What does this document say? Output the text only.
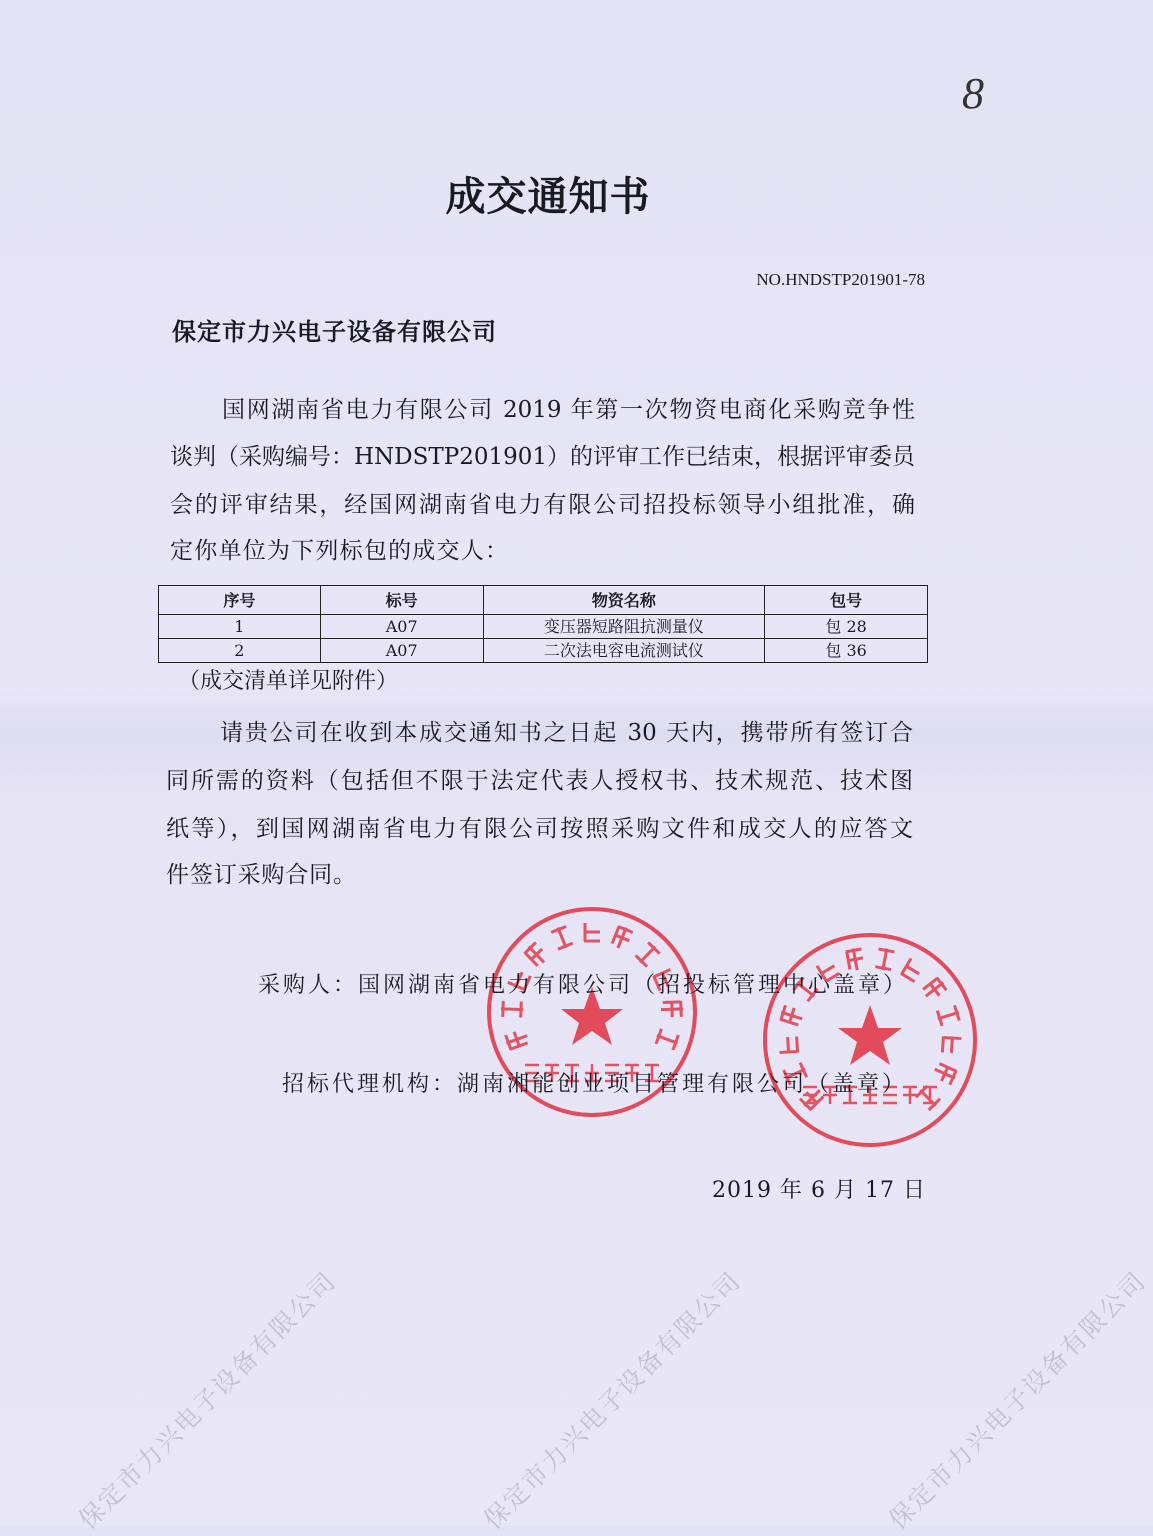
保定市力兴电子设备有限公司	保定市力兴电子设备有限公司	保定市力兴电子设备有限公司
8
成交通知书
NO.HNDSTP201901-78
保定市力兴电子设备有限公司
国网湖南省电力有限公司 2019 年第一次物资电商化采购竞争性
谈判（采购编号：HNDSTP201901）的评审工作已结束，根据评审委员
会的评审结果，经国网湖南省电力有限公司招投标领导小组批准，确
定你单位为下列标包的成交人：
序号	标号	物资名称	包号
1	A07	变压器短路阻抗测量仪	包 28
2	A07	二次法电容电流测试仪	包 36
（成交清单详见附件）
请贵公司在收到本成交通知书之日起 30 天内，携带所有签订合
同所需的资料（包括但不限于法定代表人授权书、技术规范、技术图
纸等），到国网湖南省电力有限公司按照采购文件和成交人的应答文
件签订采购合同。
采购人：国网湖南省电力有限公司（招投标管理中心盖章）
招标代理机构：湖南湘能创业项目管理有限公司（盖章）
2019 年 6 月 17 日
